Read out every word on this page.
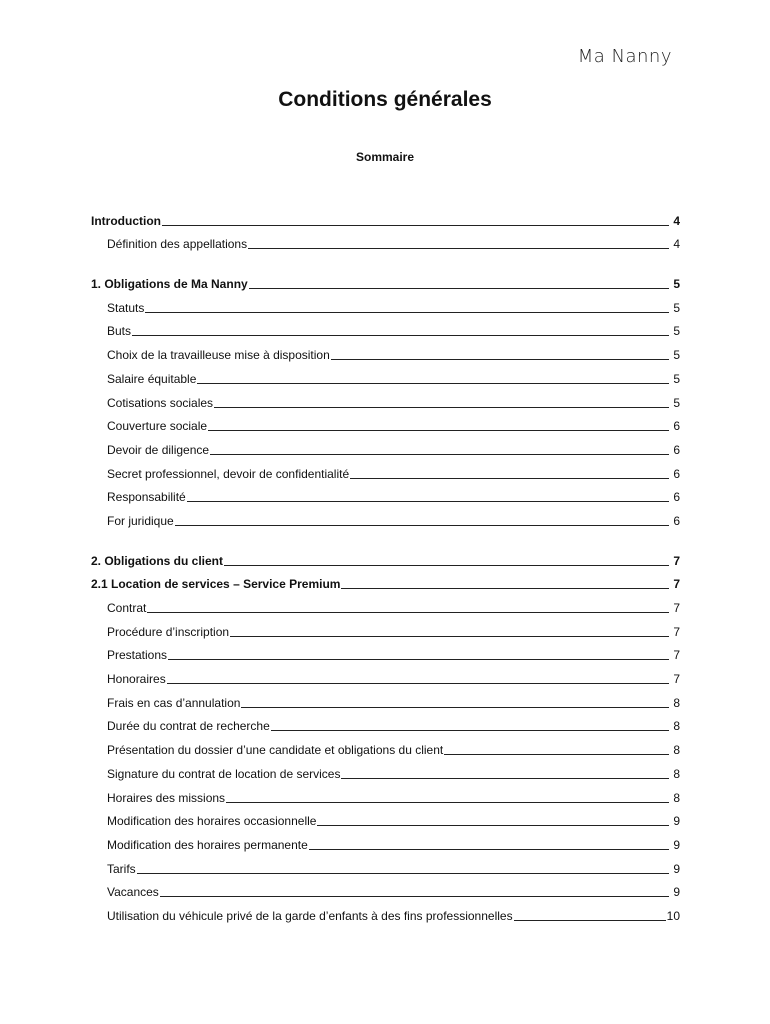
Ma Nanny
Conditions générales
Sommaire
Introduction	4
Définition des appellations	4
1. Obligations de Ma Nanny	5
Statuts	5
Buts	5
Choix de la travailleuse mise à disposition	5
Salaire équitable	5
Cotisations sociales	5
Couverture sociale	6
Devoir de diligence	6
Secret professionnel, devoir de confidentialité	6
Responsabilité	6
For juridique	6
2. Obligations du client	7
2.1 Location de services – Service Premium	7
Contrat	7
Procédure d’inscription	7
Prestations	7
Honoraires	7
Frais en cas d’annulation	8
Durée du contrat de recherche	8
Présentation du dossier d’une candidate et obligations du client	8
Signature du contrat de location de services	8
Horaires des missions	8
Modification des horaires occasionnelle	9
Modification des horaires permanente	9
Tarifs	9
Vacances	9
Utilisation du véhicule privé de la garde d’enfants à des fins professionnelles	10
